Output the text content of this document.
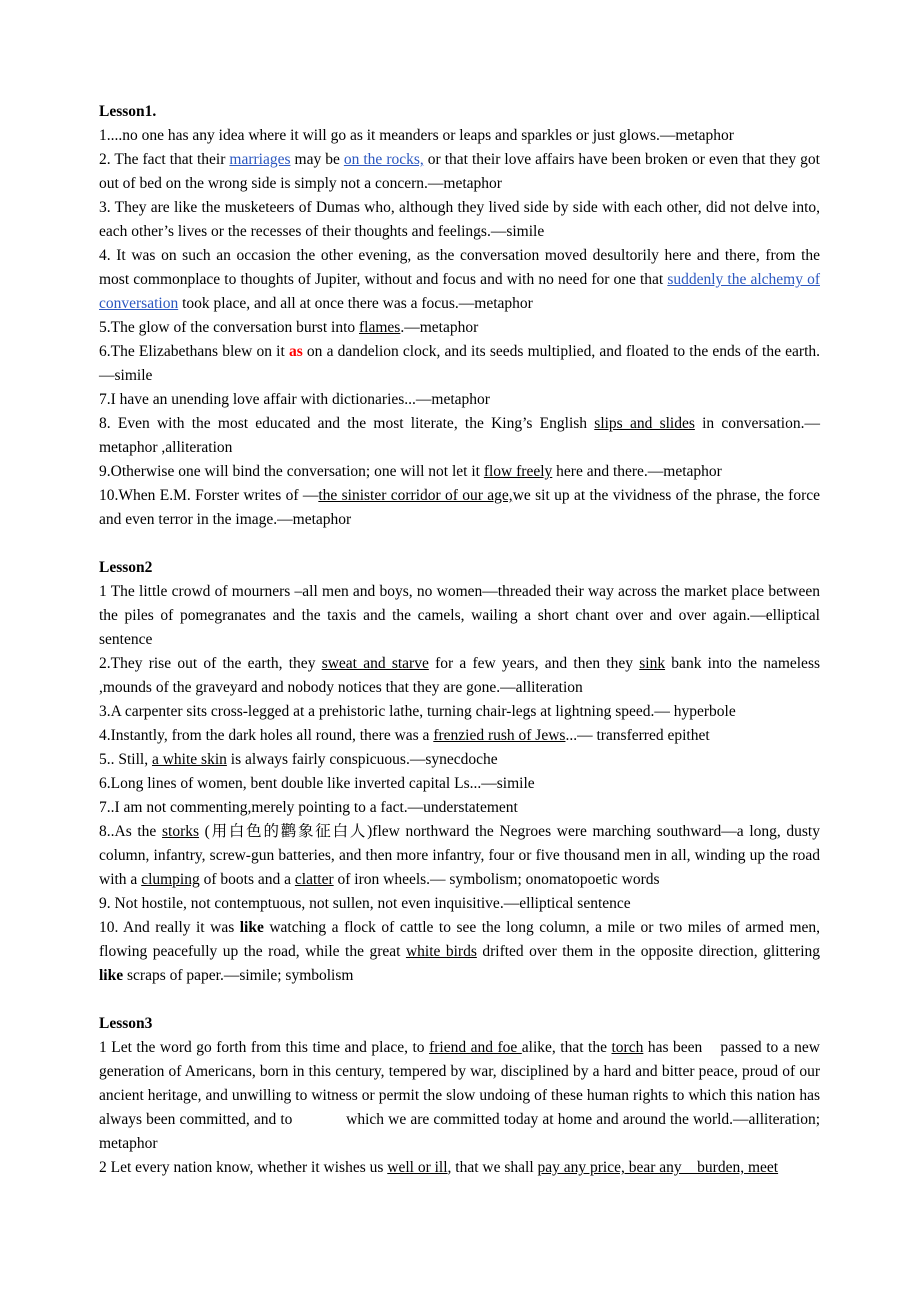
Lesson1.

1....no one has any idea where it will go as it meanders or leaps and sparkles or just glows.—metaphor

2. The fact that their marriages may be on the rocks, or that their love affairs have been broken or even that they got out of bed on the wrong side is simply not a concern.—metaphor

3. They are like the musketeers of Dumas who, although they lived side by side with each other, did not delve into, each other’s lives or the recesses of their thoughts and feelings.—simile

4. It was on such an occasion the other evening, as the conversation moved desultorily here and there, from the most commonplace to thoughts of Jupiter, without and focus and with no need for one that suddenly the alchemy of conversation took place, and all at once there was a focus.—metaphor

5.The glow of the conversation burst into flames.—metaphor

6.The Elizabethans blew on it as on a dandelion clock, and its seeds multiplied, and floated to the ends of the earth.—simile

7.I have an unending love affair with dictionaries...—metaphor

8. Even with the most educated and the most literate, the King’s English slips and slides in conversation.—metaphor ,alliteration

9.Otherwise one will bind the conversation; one will not let it flow freely here and there.—metaphor

10.When E.M. Forster writes of —the sinister corridor of our age,we sit up at the vividness of the phrase, the force and even terror in the image.—metaphor

Lesson2

1 The little crowd of mourners –all men and boys, no women—threaded their way across the market place between the piles of pomegranates and the taxis and the camels, wailing a short chant over and over again.—elliptical sentence

2.They rise out of the earth, they sweat and starve for a few years, and then they sink bank into the nameless ,mounds of the graveyard and nobody notices that they are gone.—alliteration

3.A carpenter sits cross-legged at a prehistoric lathe, turning chair-legs at lightning speed.— hyperbole

4.Instantly, from the dark holes all round, there was a frenzied rush of Jews...— transferred epithet

5.. Still, a white skin is always fairly conspicuous.—synecdoche

6.Long lines of women, bent double like inverted capital Ls...—simile

7..I am not commenting,merely pointing to a fact.—understatement

8..As the storks (用白色的鹳象征白人)flew northward the Negroes were marching southward—a long, dusty column, infantry, screw-gun batteries, and then more infantry, four or five thousand men in all, winding up the road with a clumping of boots and a clatter of iron wheels.— symbolism; onomatopoetic words

9. Not hostile, not contemptuous, not sullen, not even inquisitive.—elliptical sentence

10. And really it was like watching a flock of cattle to see the long column, a mile or two miles of armed men, flowing peacefully up the road, while the great white birds drifted over them in the opposite direction, glittering like scraps of paper.—simile; symbolism

Lesson3

1 Let the word go forth from this time and place, to friend and foe alike, that the torch has been    passed to a new generation of Americans, born in this century, tempered by war, disciplined by a hard and bitter peace, proud of our ancient heritage, and unwilling to witness or permit the slow undoing of these human rights to which this nation has always been committed, and to             which we are committed today at home and around the world.—alliteration; metaphor

2 Let every nation know, whether it wishes us well or ill, that we shall pay any price, bear any    burden, meet
